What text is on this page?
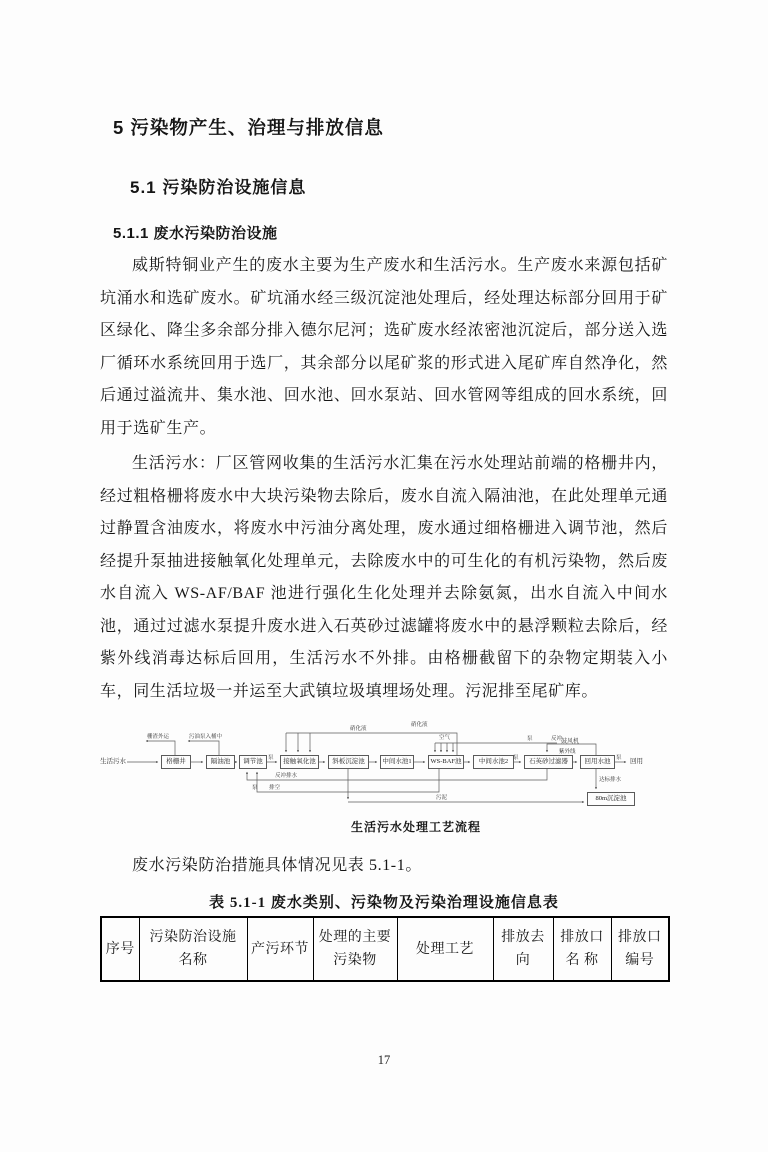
5 污染物产生、治理与排放信息
5.1 污染防治设施信息
5.1.1 废水污染防治设施
威斯特铜业产生的废水主要为生产废水和生活污水。生产废水来源包括矿坑涌水和选矿废水。矿坑涌水经三级沉淀池处理后，经处理达标部分回用于矿区绿化、降尘多余部分排入德尔尼河；选矿废水经浓密池沉淀后，部分送入选厂循环水系统回用于选厂，其余部分以尾矿浆的形式进入尾矿库自然净化，然后通过溢流井、集水池、回水池、回水泵站、回水管网等组成的回水系统，回用于选矿生产。
生活污水：厂区管网收集的生活污水汇集在污水处理站前端的格栅井内，经过粗格栅将废水中大块污染物去除后，废水自流入隔油池，在此处理单元通过静置含油废水，将废水中污油分离处理，废水通过细格栅进入调节池，然后经提升泵抽进接触氧化处理单元，去除废水中的可生化的有机污染物，然后废水自流入 WS-AF/BAF 池进行强化生化处理并去除氨氮，出水自流入中间水池，通过过滤水泵提升废水进入石英砂过滤罐将废水中的悬浮颗粒去除后，经紫外线消毒达标后回用，生活污水不外排。由格栅截留下的杂物定期装入小车，同生活垃圾一并运至大武镇垃圾填埋场处理。污泥排至尾矿库。
生活污水	格栅井	隔油池	调节池	接触氧化池	斜板沉淀池	中间水池1	WS-BAF池	中间水池2	石英砂过滤器	回用水池	回用
80m沉淀池
栅渣外运	污油泵入桶中
硝化液
硝化液
空气
鼓风机
泵	泵	泵
泵	反冲
紫外线
反冲排水
泵 排空
污泥
达标排水
生活污水处理工艺流程
废水污染防治措施具体情况见表 5.1-1。
表 5.1-1 废水类别、污染物及污染治理设施信息表
序号	污染防治设施 名称	产污环节	处理的主要 污染物	处理工艺	排放去向	排放口名 称	排放口 编号
17
